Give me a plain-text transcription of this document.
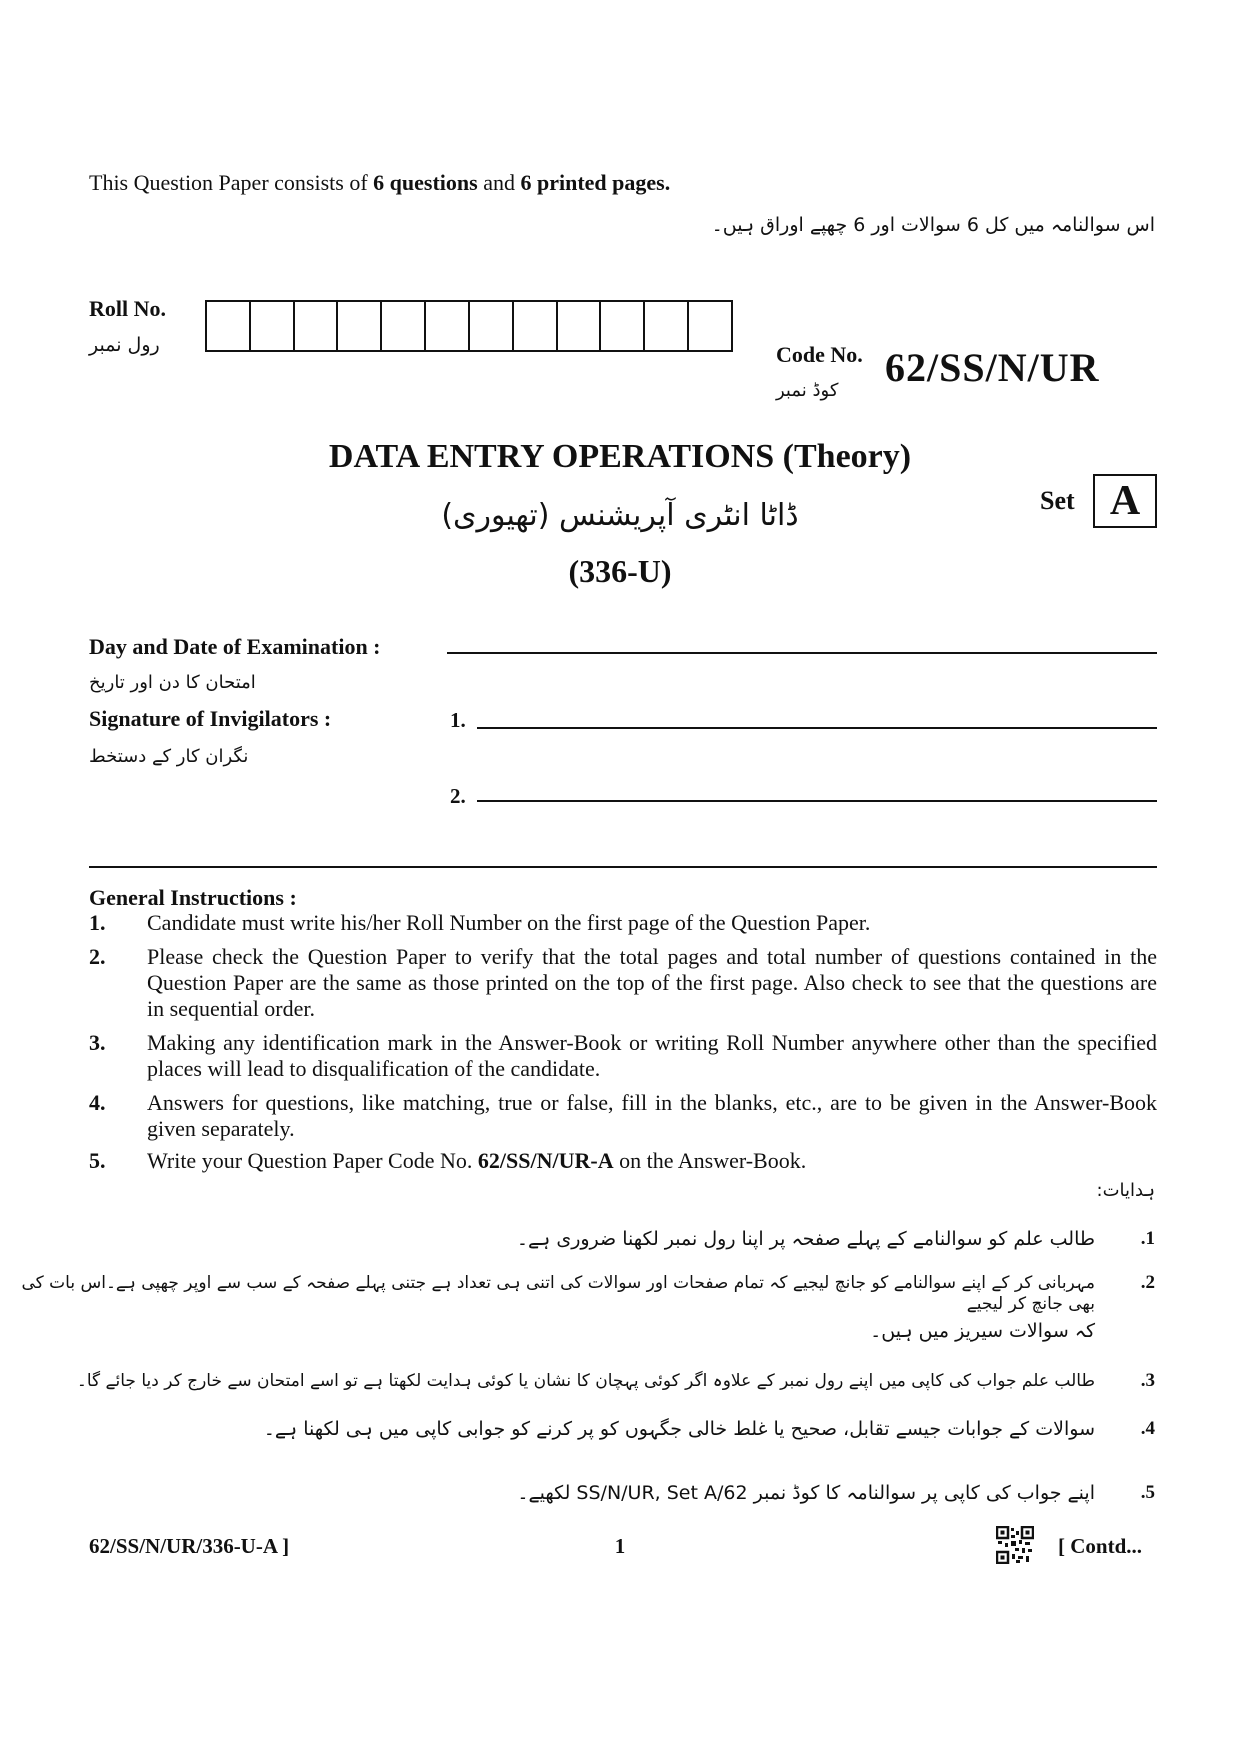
This Question Paper consists of 6 questions and 6 printed pages.
اس سوالنامہ میں کل 6 سوالات اور 6 چھپے اوراق ہیں۔
Roll No.
رول نمبر	Code No.
کوڈ نمبر
62/SS/N/UR
DATA ENTRY OPERATIONS (Theory)
ڈاٹا انٹری آپریشنس (تھیوری)
(336-U)
Set A
Day and Date of Examination :
امتحان کا دن اور تاریخ
Signature of Invigilators :
نگران کار کے دستخط
1.
2.
General Instructions :
1.	Candidate must write his/her Roll Number on the first page of the Question Paper.
2.	Please check the Question Paper to verify that the total pages and total number of questions contained in the Question Paper are the same as those printed on the top of the first page. Also check to see that the questions are in sequential order.
3.	Making any identification mark in the Answer-Book or writing Roll Number anywhere other than the specified places will lead to disqualification of the candidate.
4.	Answers for questions, like matching, true or false, fill in the blanks, etc., are to be given in the Answer-Book given separately.
5.	Write your Question Paper Code No. 62/SS/N/UR-A on the Answer-Book.
ہدایات:
.1
طالب علم کو سوالنامے کے پہلے صفحہ پر اپنا رول نمبر لکھنا ضروری ہے۔
.2
مہربانی کر کے اپنے سوالنامے کو جانچ لیجیے کہ تمام صفحات اور سوالات کی اتنی ہی تعداد ہے جتنی پہلے صفحہ کے سب سے اوپر چھپی ہے۔اس بات کی بھی جانچ کر لیجیے
کہ سوالات سیریز میں ہیں۔
.3
طالب علم جواب کی کاپی میں اپنے رول نمبر کے علاوہ اگر کوئی پہچان کا نشان یا کوئی ہدایت لکھتا ہے تو اسے امتحان سے خارج کر دیا جائے گا۔
.4
سوالات کے جوابات جیسے تقابل، صحیح یا غلط خالی جگہوں کو پر کرنے کو جوابی کاپی میں ہی لکھنا ہے۔
.5
اپنے جواب کی کاپی پر سوالنامہ کا کوڈ نمبر 62/SS/N/UR, Set A لکھیے۔
62/SS/N/UR/336-U-A ]	1	[ Contd...
